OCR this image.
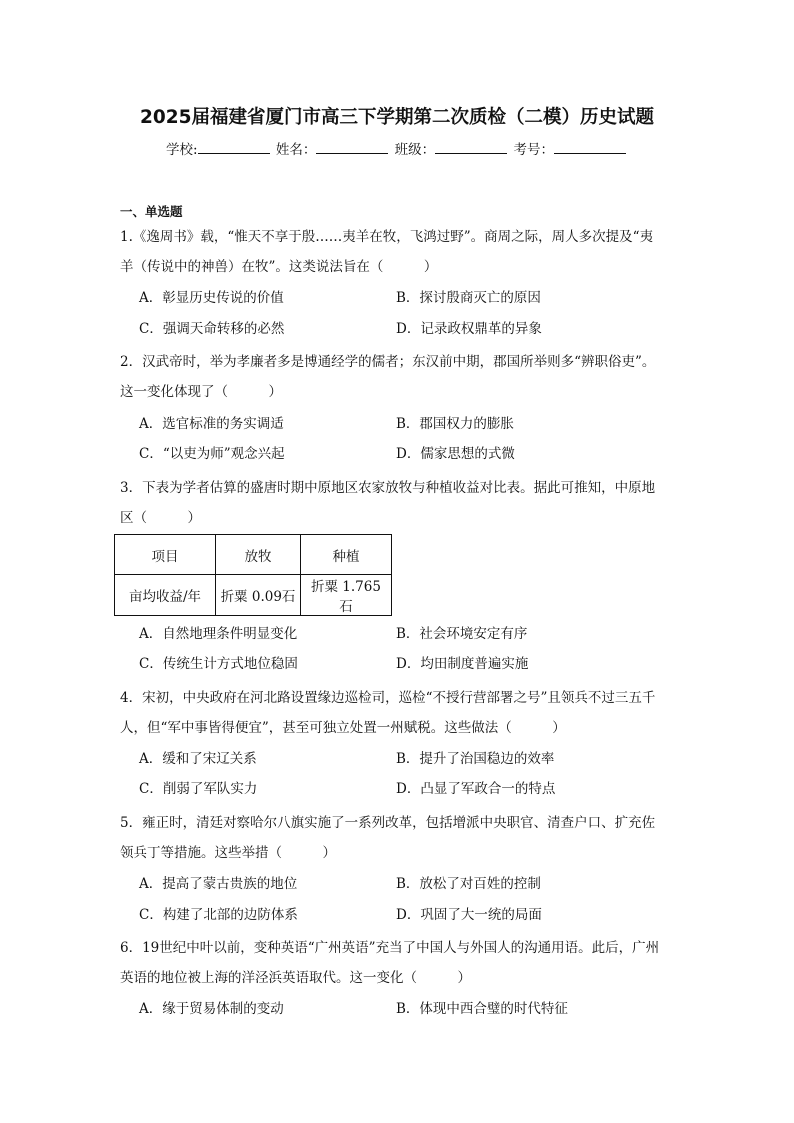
2025届福建省厦门市高三下学期第二次质检（二模）历史试题
学校:	姓名：	班级：	考号：
一、单选题
1.《逸周书》载，“惟天不享于殷……夷羊在牧，飞鸿过野”。商周之际，周人多次提及“夷
羊（传说中的神兽）在牧”。这类说法旨在（　　　）
A．彰显历史传说的价值	B．探讨殷商灭亡的原因
C．强调天命转移的必然	D．记录政权鼎革的异象
2．汉武帝时，举为孝廉者多是博通经学的儒者；东汉前中期，郡国所举则多“辨职俗吏”。
这一变化体现了（　　　）
A．选官标准的务实调适	B．郡国权力的膨胀
C．“以吏为师”观念兴起	D．儒家思想的式微
3．下表为学者估算的盛唐时期中原地区农家放牧与种植收益对比表。据此可推知，中原地
区（　　　）
项目	放牧	种植
亩均收益/年	折粟 0.09石	折粟 1.765石
A．自然地理条件明显变化	B．社会环境安定有序
C．传统生计方式地位稳固	D．均田制度普遍实施
4．宋初，中央政府在河北路设置缘边巡检司，巡检“不授行营部署之号”且领兵不过三五千
人，但“军中事皆得便宜”，甚至可独立处置一州赋税。这些做法（　　　）
A．缓和了宋辽关系	B．提升了治国稳边的效率
C．削弱了军队实力	D．凸显了军政合一的特点
5．雍正时，清廷对察哈尔八旗实施了一系列改革，包括增派中央职官、清查户口、扩充佐
领兵丁等措施。这些举措（　　　）
A．提高了蒙古贵族的地位	B．放松了对百姓的控制
C．构建了北部的边防体系	D．巩固了大一统的局面
6．19世纪中叶以前，变种英语“广州英语”充当了中国人与外国人的沟通用语。此后，广州
英语的地位被上海的洋泾浜英语取代。这一变化（　　　）
A．缘于贸易体制的变动	B．体现中西合璧的时代特征
